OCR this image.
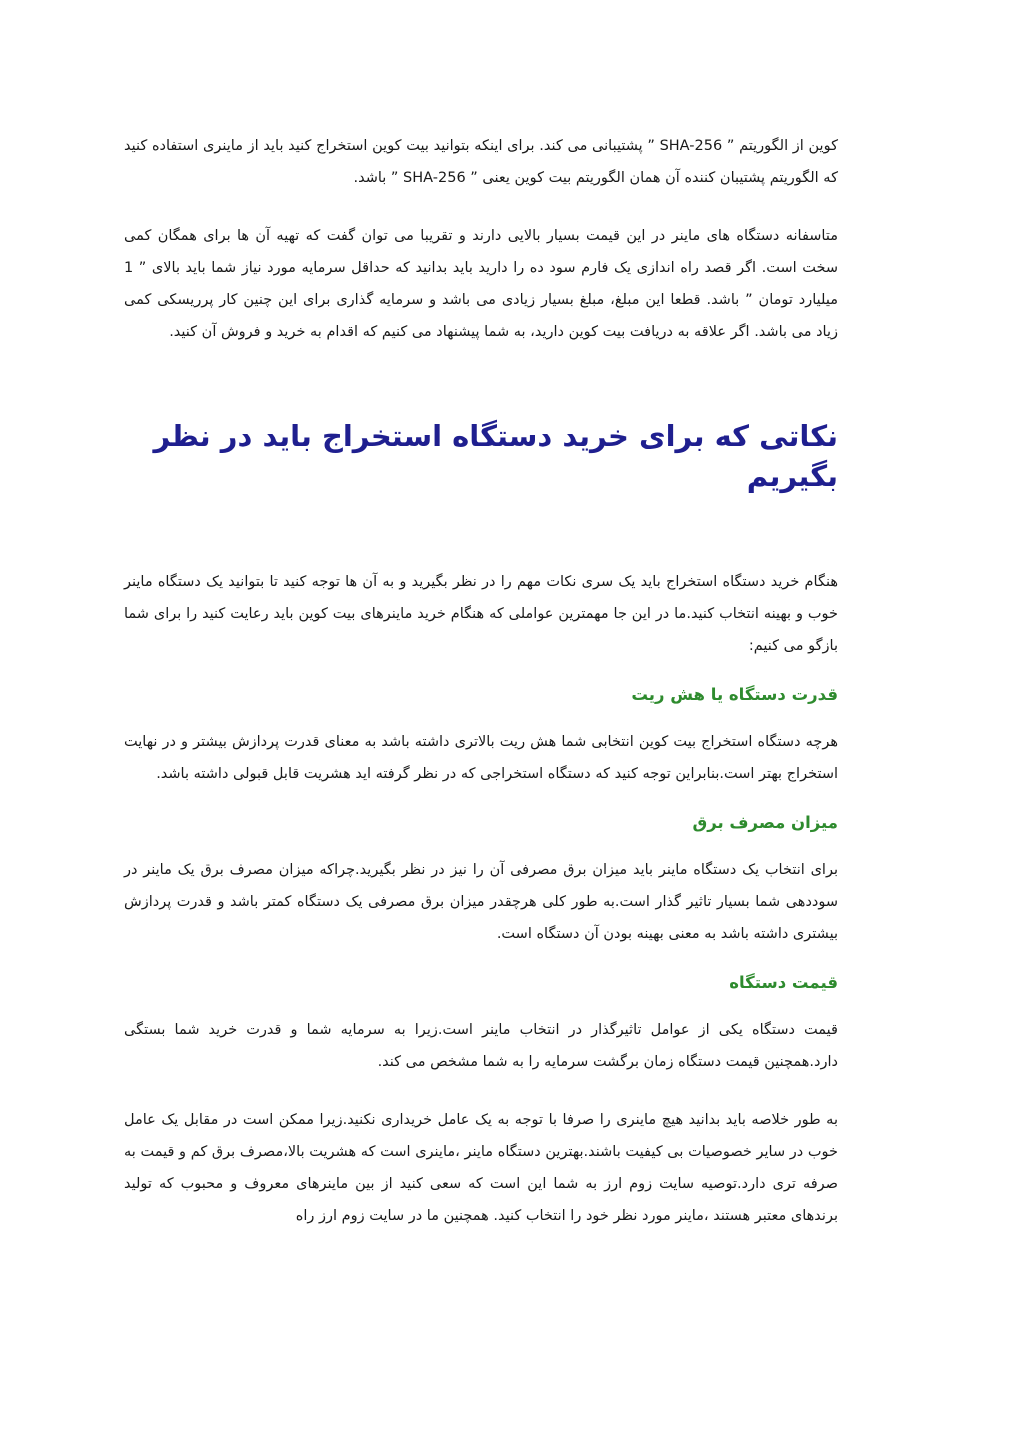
کوین از الگوریتم ” SHA-256 ” پشتیبانی می کند. برای اینکه بتوانید بیت کوین استخراج کنید باید از ماینری استفاده کنید که الگوریتم پشتیبان کننده آن همان الگوریتم بیت کوین یعنی ” SHA-256 ” باشد.

متاسفانه دستگاه های ماینر در این قیمت بسیار بالایی دارند و تقریبا می توان گفت که تهیه آن ها برای همگان کمی سخت است. اگر قصد راه اندازی یک فارم سود ده را دارید باید بدانید که حداقل سرمایه مورد نیاز شما باید بالای ” 1 میلیارد تومان ” باشد. قطعا این مبلغ، مبلغ بسیار زیادی می باشد و سرمایه گذاری برای این چنین کار پرریسکی کمی زیاد می باشد. اگر علاقه به دریافت بیت کوین دارید، به شما پیشنهاد می کنیم که اقدام به خرید و فروش آن کنید.

نکاتی که برای خرید دستگاه استخراج باید در نظر بگیریم

هنگام خرید دستگاه استخراج باید یک سری نکات مهم را در نظر بگیرید و به آن ها توجه کنید تا بتوانید یک دستگاه ماینر خوب و بهینه انتخاب کنید.ما در این جا مهمترین عواملی که هنگام خرید ماینرهای بیت کوین باید رعایت کنید را برای شما بازگو می کنیم:

قدرت دستگاه یا هش ریت

هرچه دستگاه استخراج بیت کوین انتخابی شما هش ریت بالاتری داشته باشد به معنای قدرت پردازش بیشتر و در نهایت استخراج بهتر است.بنابراین توجه کنید که دستگاه استخراجی که در نظر گرفته اید هشریت قابل قبولی داشته باشد.

میزان مصرف برق

برای انتخاب یک دستگاه ماینر باید میزان برق مصرفی آن را نیز در نظر بگیرید.چراکه میزان مصرف برق یک ماینر در سوددهی شما بسیار تاثیر گذار است.به طور کلی هرچقدر میزان برق مصرفی یک دستگاه کمتر باشد و قدرت پردازش بیشتری داشته باشد به معنی بهینه بودن آن دستگاه است.

قیمت دستگاه

قیمت دستگاه یکی از عوامل تاثیرگذار در انتخاب ماینر است.زیرا به سرمایه شما و قدرت خرید شما بستگی دارد.همچنین قیمت دستگاه زمان برگشت سرمایه را به شما مشخص می کند.

به طور خلاصه باید بدانید هیچ ماینری را صرفا با توجه به یک عامل خریداری نکنید.زیرا ممکن است در مقابل یک عامل خوب در سایر خصوصیات بی کیفیت باشند.بهترین دستگاه ماینر ،ماینری است که هشریت بالا،مصرف برق کم و قیمت به صرفه تری دارد.توصیه سایت زوم ارز به شما این است که سعی کنید از بین ماینرهای معروف و محبوب که تولید برندهای معتبر هستند ،ماینر مورد نظر خود را انتخاب کنید. همچنین ما در سایت زوم ارز راه
